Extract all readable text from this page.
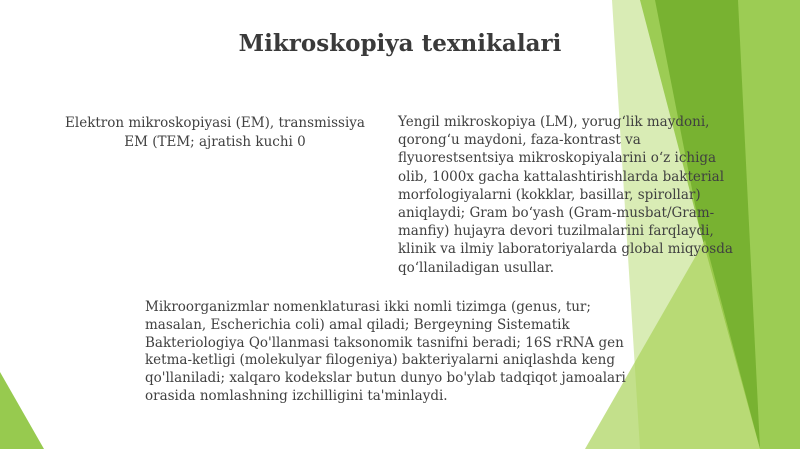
Mikroskopiya texnikalari

Elektron mikroskopiyasi (EM), transmissiya EM (TEM; ajratish kuchi 0

Yengil mikroskopiya (LM), yorug‘lik maydoni, qorong‘u maydoni, faza-kontrast va flyuorestsentsiya mikroskopiyalarini o‘z ichiga olib, 1000x gacha kattalashtirishlarda bakterial morfologiyalarni (kokklar, basillar, spirollar) aniqlaydi; Gram bo‘yash (Gram-musbat/Gram-manfiy) hujayra devori tuzilmalarini farqlaydi, klinik va ilmiy laboratoriyalarda global miqyosda qo‘llaniladigan usullar.

Mikroorganizmlar nomenklaturasi ikki nomli tizimga (genus, tur; masalan, Escherichia coli) amal qiladi; Bergeyning Sistematik Bakteriologiya Qo'llanmasi taksonomik tasnifni beradi; 16S rRNA gen ketma-ketligi (molekulyar filogeniya) bakteriyalarni aniqlashda keng qo'llaniladi; xalqaro kodekslar butun dunyo bo'ylab tadqiqot jamoalari orasida nomlashning izchilligini ta'minlaydi.
